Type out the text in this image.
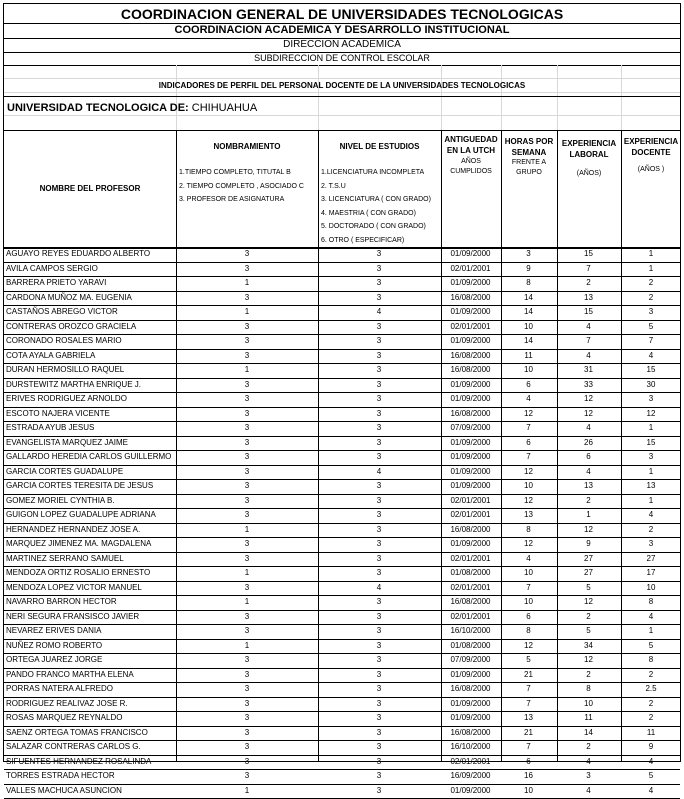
COORDINACION GENERAL DE UNIVERSIDADES TECNOLOGICAS
COORDINACION ACADEMICA Y DESARROLLO INSTITUCIONAL
DIRECCION ACADEMICA
SUBDIRECCION DE CONTROL ESCOLAR
INDICADORES DE PERFIL DEL PERSONAL DOCENTE DE LA UNIVERSIDADES TECNOLOGICAS
UNIVERSIDAD TECNOLOGICA DE: CHIHUAHUA
NOMBRE DEL PROFESOR
NOMBRAMIENTO
1.TIEMPO COMPLETO, TITUTAL B
2. TIEMPO COMPLETO , ASOCIADO C
3. PROFESOR DE ASIGNATURA
NIVEL DE ESTUDIOS
1.LICENCIATURA INCOMPLETA
2. T.S.U
3. LICENCIATURA ( CON GRADO)
4. MAESTRIA ( CON GRADO)
5. DOCTORADO ( CON GRADO)
6. OTRO ( ESPECIFICAR)
ANTIGUEDAD EN LA UTCH
AÑOS CUMPLIDOS
HORAS POR SEMANA
FRENTE A GRUPO
EXPERIENCIA LABORAL
(AÑOS)
EXPERIENCIA DOCENTE
(AÑOS )
AGUAYO REYES EDUARDO ALBERTO	3	3	01/09/2000	3	15	1
AVILA CAMPOS SERGIO	3	3	02/01/2001	9	7	1
BARRERA PRIETO YARAVI	1	3	01/09/2000	8	2	2
CARDONA MUÑOZ MA. EUGENIA	3	3	16/08/2000	14	13	2
CASTAÑOS ABREGO VICTOR	1	4	01/09/2000	14	15	3
CONTRERAS OROZCO GRACIELA	3	3	02/01/2001	10	4	5
CORONADO ROSALES MARIO	3	3	01/09/2000	14	7	7
COTA AYALA GABRIELA	3	3	16/08/2000	11	4	4
DURAN HERMOSILLO RAQUEL	1	3	16/08/2000	10	31	15
DURSTEWITZ MARTHA ENRIQUE J.	3	3	01/09/2000	6	33	30
ERIVES RODRIGUEZ ARNOLDO	3	3	01/09/2000	4	12	3
ESCOTO NAJERA VICENTE	3	3	16/08/2000	12	12	12
ESTRADA AYUB JESUS	3	3	07/09/2000	7	4	1
EVANGELISTA MARQUEZ JAIME	3	3	01/09/2000	6	26	15
GALLARDO HEREDIA CARLOS GUILLERMO	3	3	01/09/2000	7	6	3
GARCIA CORTES GUADALUPE	3	4	01/09/2000	12	4	1
GARCIA CORTES TERESITA DE JESUS	3	3	01/09/2000	10	13	13
GOMEZ MORIEL CYNTHIA B.	3	3	02/01/2001	12	2	1
GUIGON LOPEZ GUADALUPE ADRIANA	3	3	02/01/2001	13	1	4
HERNANDEZ HERNANDEZ JOSE A.	1	3	16/08/2000	8	12	2
MARQUEZ JIMENEZ MA. MAGDALENA	3	3	01/09/2000	12	9	3
MARTINEZ SERRANO SAMUEL	3	3	02/01/2001	4	27	27
MENDOZA ORTIZ ROSALIO ERNESTO	1	3	01/08/2000	10	27	17
MENDOZA LOPEZ VICTOR MANUEL	3	4	02/01/2001	7	5	10
NAVARRO BARRON HECTOR	1	3	16/08/2000	10	12	8
NERI SEGURA FRANSISCO JAVIER	3	3	02/01/2001	6	2	4
NEVAREZ ERIVES DANIA	3	3	16/10/2000	8	5	1
NUÑEZ ROMO ROBERTO	1	3	01/08/2000	12	34	5
ORTEGA JUAREZ JORGE	3	3	07/09/2000	5	12	8
PANDO FRANCO MARTHA ELENA	3	3	01/09/2000	21	2	2
PORRAS NATERA ALFREDO	3	3	16/08/2000	7	8	2.5
RODRIGUEZ REALIVAZ JOSE R.	3	3	01/09/2000	7	10	2
ROSAS MARQUEZ REYNALDO	3	3	01/09/2000	13	11	2
SAENZ ORTEGA TOMAS FRANCISCO	3	3	16/08/2000	21	14	11
SALAZAR CONTRERAS CARLOS G.	3	3	16/10/2000	7	2	9
SIFUENTES HERNANDEZ ROSALINDA	3	3	02/01/2001	6	4	4
TORRES ESTRADA HECTOR	3	3	16/09/2000	16	3	5
VALLES MACHUCA ASUNCION	1	3	01/09/2000	10	4	4
